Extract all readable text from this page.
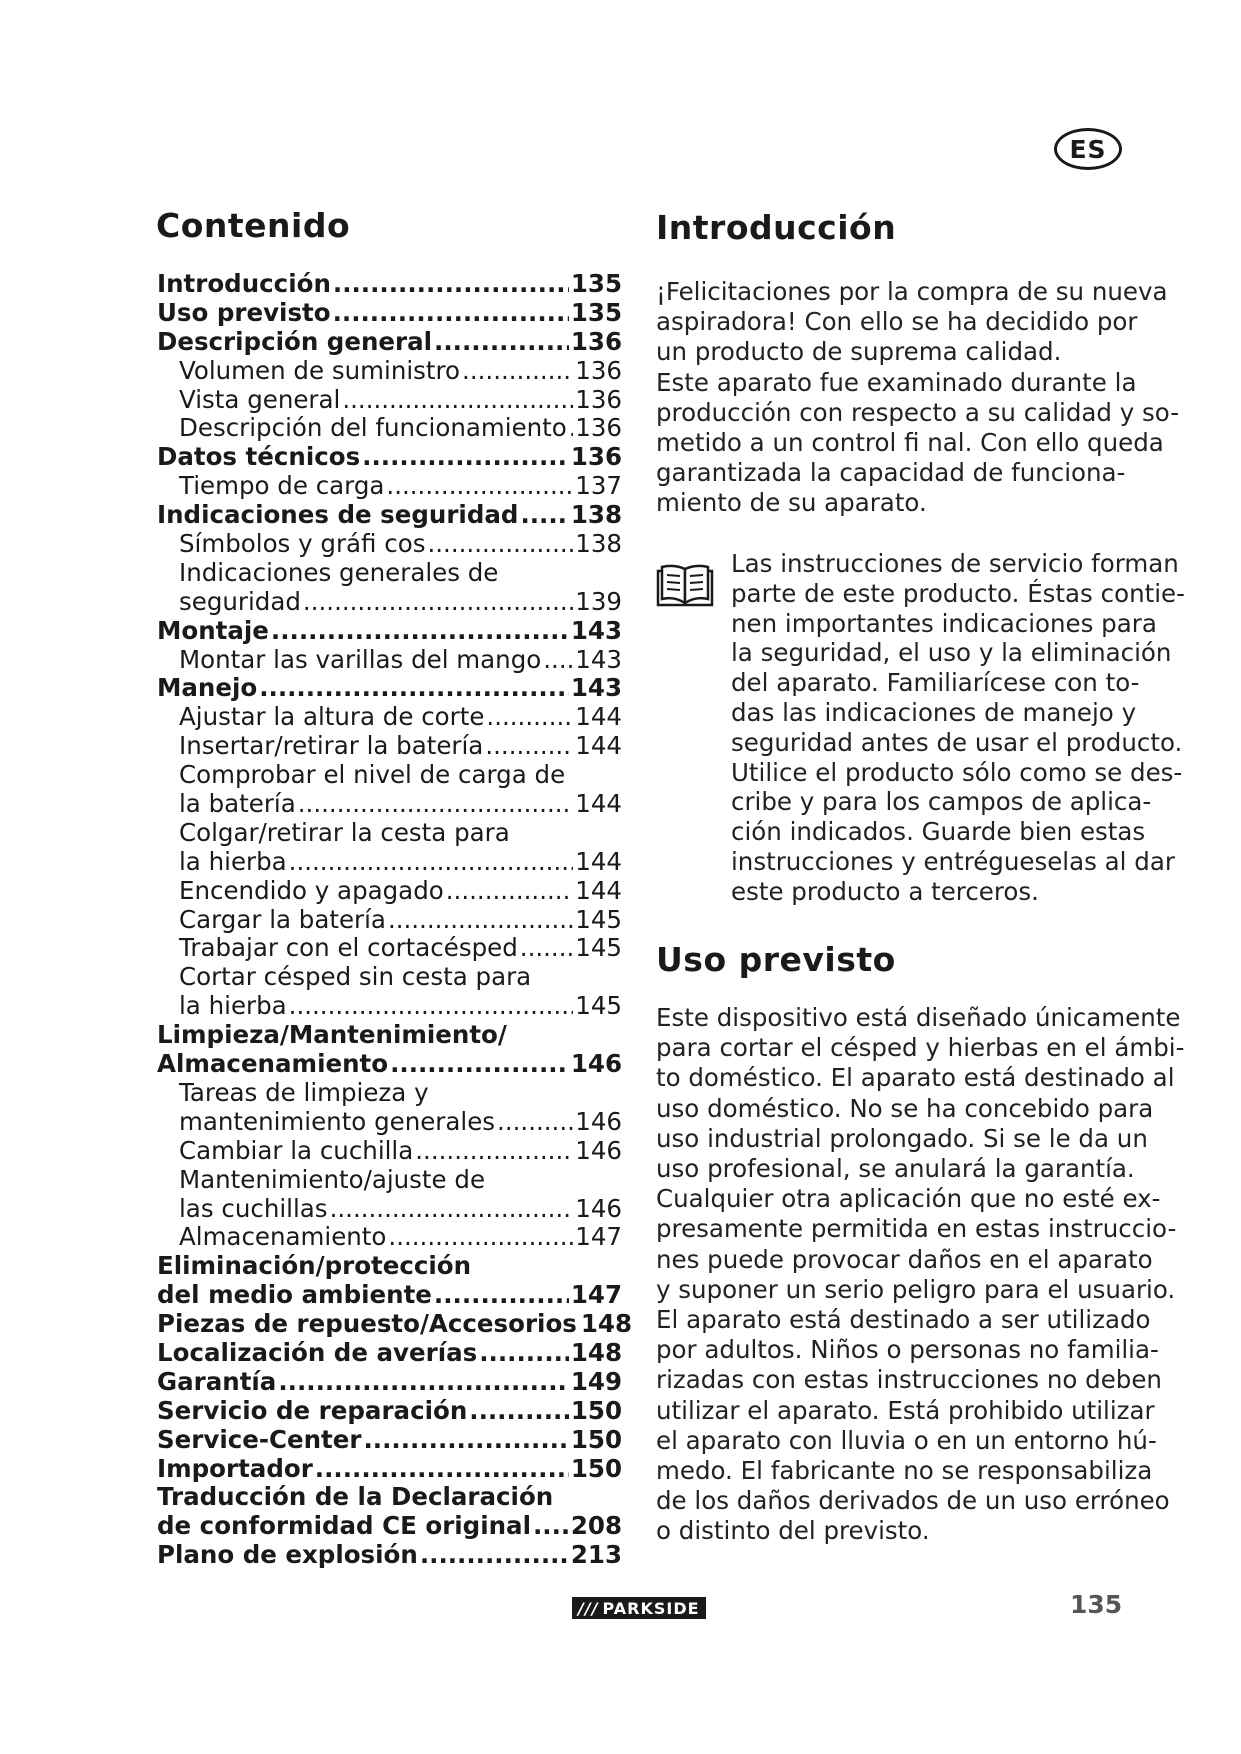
ES
Contenido
Introducción .....	135
Uso previsto .....	135
Descripción general .....	136
Volumen de suministro .....	136
Vista general .....	136
Descripción del funcionamiento ..... 136
Datos técnicos .....	136
Tiempo de carga .....	137
Indicaciones de seguridad ..... 138
Símbolos y gráfi cos .....	138
Indicaciones generales de
seguridad .....	139
Montaje .....	143
Montar las varillas del mango ..... 143
Manejo .....	143
Ajustar la altura de corte .....	144
Insertar/retirar la batería .....	144
Comprobar el nivel de carga de
la batería .....	144
Colgar/retirar la cesta para
la hierba .....	144
Encendido y apagado .....	144
Cargar la batería .....	145
Trabajar con el cortacésped ..... 145
Cortar césped sin cesta para
la hierba .....	145
Limpieza/Mantenimiento/
Almacenamiento .....	146
Tareas de limpieza y
mantenimiento generales .....	146
Cambiar la cuchilla .....	146
Mantenimiento/ajuste de
las cuchillas .....	146
Almacenamiento .....	147
Eliminación/protección
del medio ambiente .....	147
Piezas de repuesto/Accesorios 148
Localización de averías .....	148
Garantía .....	149
Servicio de reparación .....	150
Service-Center .....	150
Importador .....	150
Traducción de la Declaración
de conformidad CE original ..... 208
Plano de explosión .....	213
Introducción

¡Felicitaciones por la compra de su nueva
aspiradora! Con ello se ha decidido por
un producto de suprema calidad.
Este aparato fue examinado durante la
producción con respecto a su calidad y so-
metido a un control fi nal. Con ello queda
garantizada la capacidad de funciona-
miento de su aparato.

Las instrucciones de servicio forman
parte de este producto. Éstas contie-
nen importantes indicaciones para
la seguridad, el uso y la eliminación
del aparato. Familiarícese con to-
das las indicaciones de manejo y
seguridad antes de usar el producto.
Utilice el producto sólo como se des-
cribe y para los campos de aplica-
ción indicados. Guarde bien estas
instrucciones y entrégueselas al dar
este producto a terceros.

Uso previsto

Este dispositivo está diseñado únicamente
para cortar el césped y hierbas en el ámbi-
to doméstico. El aparato está destinado al
uso doméstico. No se ha concebido para
uso industrial prolongado. Si se le da un
uso profesional, se anulará la garantía.
Cualquier otra aplicación que no esté ex-
presamente permitida en estas instruccio-
nes puede provocar daños en el aparato
y suponer un serio peligro para el usuario.
El aparato está destinado a ser utilizado
por adultos. Niños o personas no familia-
rizadas con estas instrucciones no deben
utilizar el aparato. Está prohibido utilizar
el aparato con lluvia o en un entorno hú-
medo. El fabricante no se responsabiliza
de los daños derivados de un uso erróneo
o distinto del previsto.

/// PARKSIDE	135
